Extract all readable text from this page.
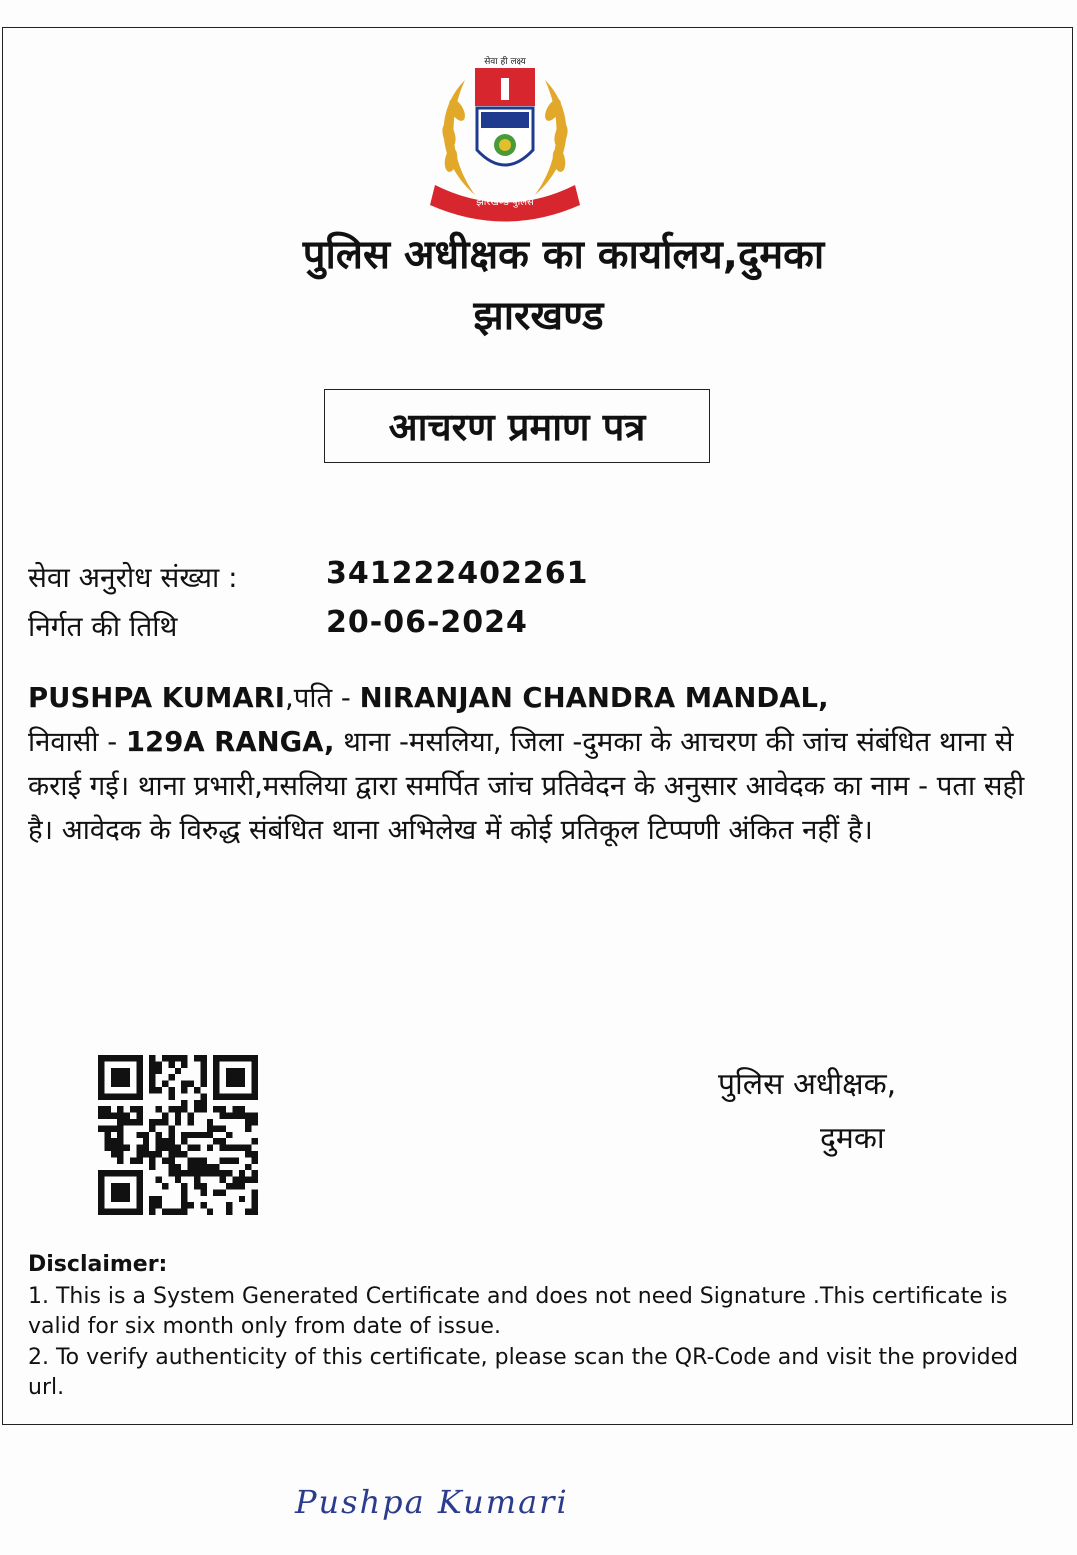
सेवा ही लक्ष्य
झारखण्ड पुलिस
पुलिस अधीक्षक का कार्यालय,दुमका
झारखण्ड
आचरण प्रमाण पत्र
सेवा अनुरोध संख्या :	341222402261
निर्गत की तिथि	20-06-2024
PUSHPA KUMARI,पति - NIRANJAN CHANDRA MANDAL,
निवासी - 129A RANGA, थाना -मसलिया, जिला -दुमका के आचरण की जांच संबंधित थाना से कराई गई। थाना प्रभारी,मसलिया द्वारा समर्पित जांच प्रतिवेदन के अनुसार आवेदक का नाम - पता सही है। आवेदक के विरुद्ध संबंधित थाना अभिलेख में कोई प्रतिकूल टिप्पणी अंकित नहीं है।
पुलिस अधीक्षक,
दुमका
Disclaimer:
1. This is a System Generated Certificate and does not need Signature .This certificate is valid for six month only from date of issue.
2. To verify authenticity of this certificate, please scan the QR-Code and visit the provided url.
Pushpa Kumari
